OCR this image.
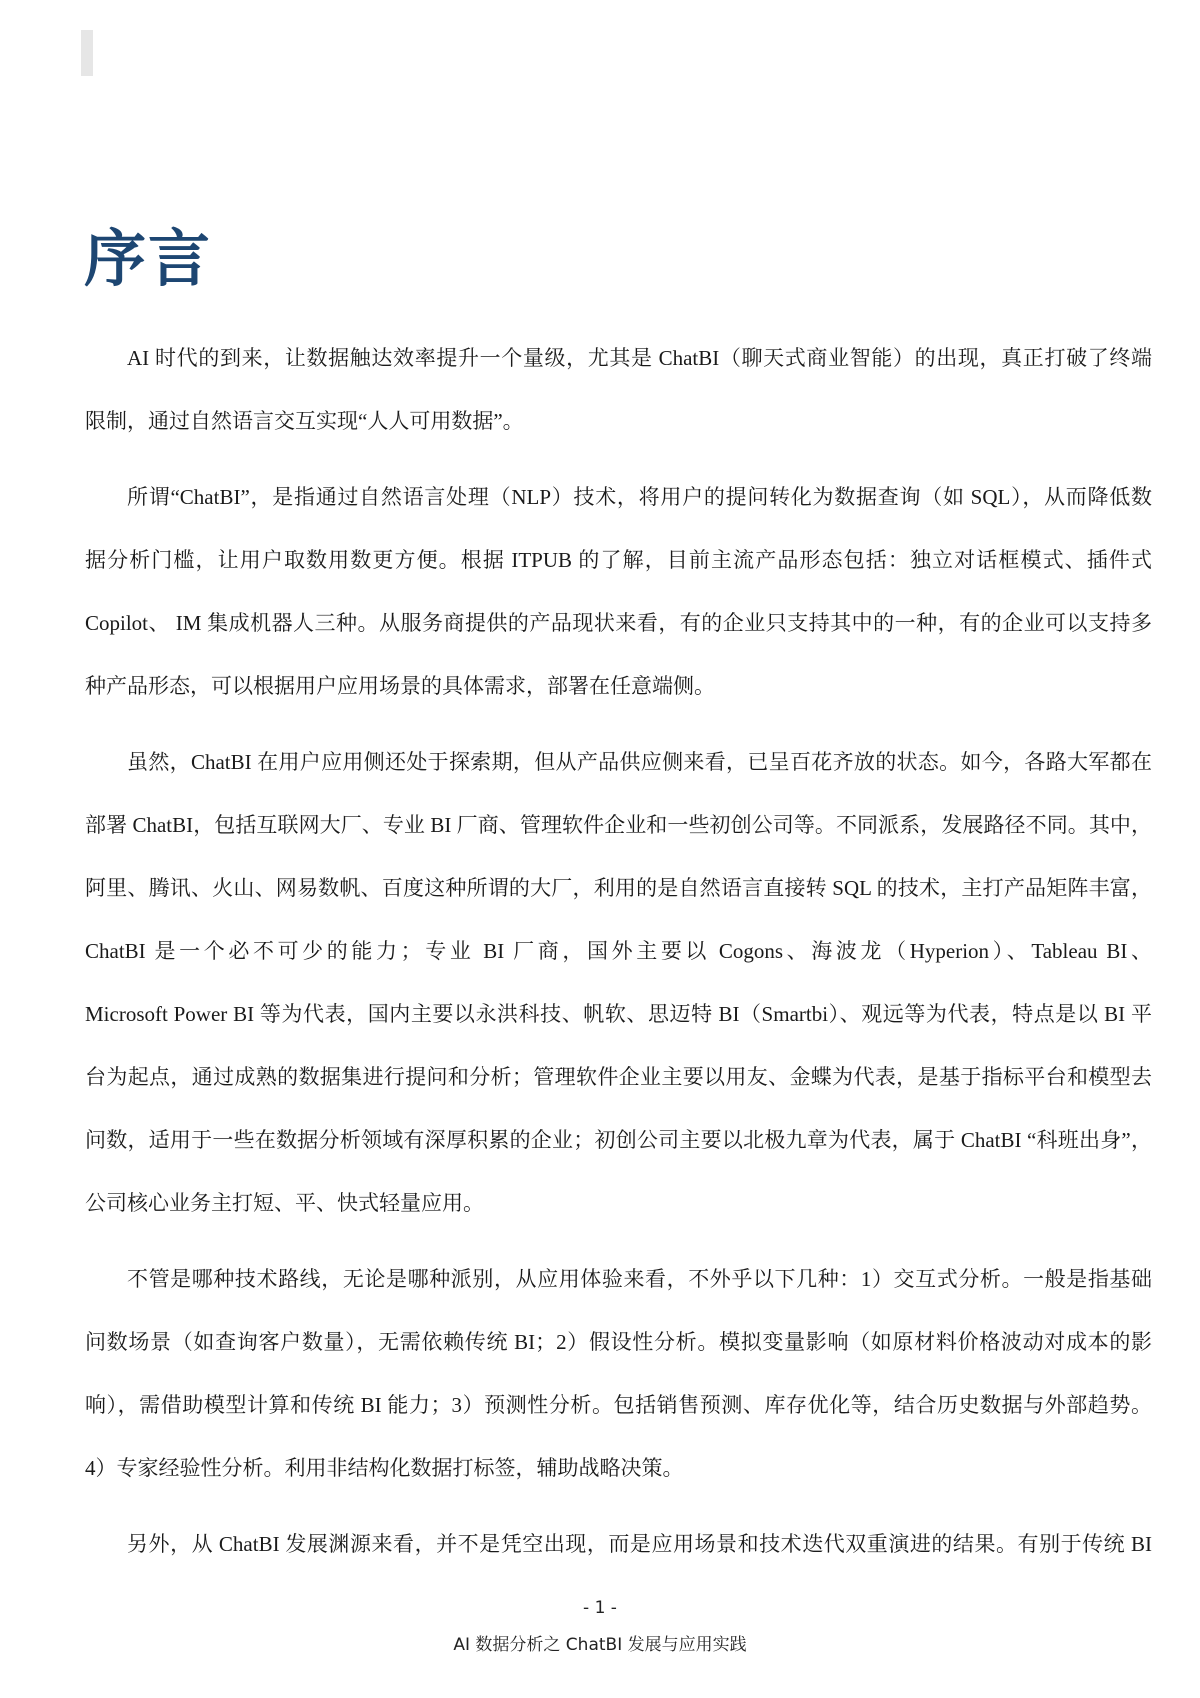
序言
AI 时代的到来，让数据触达效率提升一个量级，尤其是 ChatBI（聊天式商业智能）的出现，真正打破了终端
限制，通过自然语言交互实现“人人可用数据”。
所谓“ChatBI”，是指通过自然语言处理（NLP）技术，将用户的提问转化为数据查询（如 SQL），从而降低数
据分析门槛，让用户取数用数更方便。根据 ITPUB 的了解，目前主流产品形态包括：独立对话框模式、插件式
Copilot、 IM 集成机器人三种。从服务商提供的产品现状来看，有的企业只支持其中的一种，有的企业可以支持多
种产品形态，可以根据用户应用场景的具体需求，部署在任意端侧。
虽然，ChatBI 在用户应用侧还处于探索期，但从产品供应侧来看，已呈百花齐放的状态。如今，各路大军都在
部署 ChatBI，包括互联网大厂、专业 BI 厂商、管理软件企业和一些初创公司等。不同派系，发展路径不同。其中，
阿里、腾讯、火山、网易数帆、百度这种所谓的大厂，利用的是自然语言直接转 SQL 的技术，主打产品矩阵丰富，
ChatBI 是一个必不可少的能力；专业 BI 厂商，国外主要以 Cogons、海波龙（Hyperion）、Tableau BI、
Microsoft Power BI 等为代表，国内主要以永洪科技、帆软、思迈特 BI（Smartbi）、观远等为代表，特点是以 BI 平
台为起点，通过成熟的数据集进行提问和分析；管理软件企业主要以用友、金蝶为代表，是基于指标平台和模型去
问数，适用于一些在数据分析领域有深厚积累的企业；初创公司主要以北极九章为代表，属于 ChatBI “科班出身”，
公司核心业务主打短、平、快式轻量应用。
不管是哪种技术路线，无论是哪种派别，从应用体验来看，不外乎以下几种：1）交互式分析。一般是指基础
问数场景（如查询客户数量），无需依赖传统 BI；2）假设性分析。模拟变量影响（如原材料价格波动对成本的影
响），需借助模型计算和传统 BI 能力；3）预测性分析。包括销售预测、库存优化等，结合历史数据与外部趋势。
4）专家经验性分析。利用非结构化数据打标签，辅助战略决策。
另外，从 ChatBI 发展渊源来看，并不是凭空出现，而是应用场景和技术迭代双重演进的结果。有别于传统 BI
- 1 -
AI 数据分析之 ChatBI 发展与应用实践
